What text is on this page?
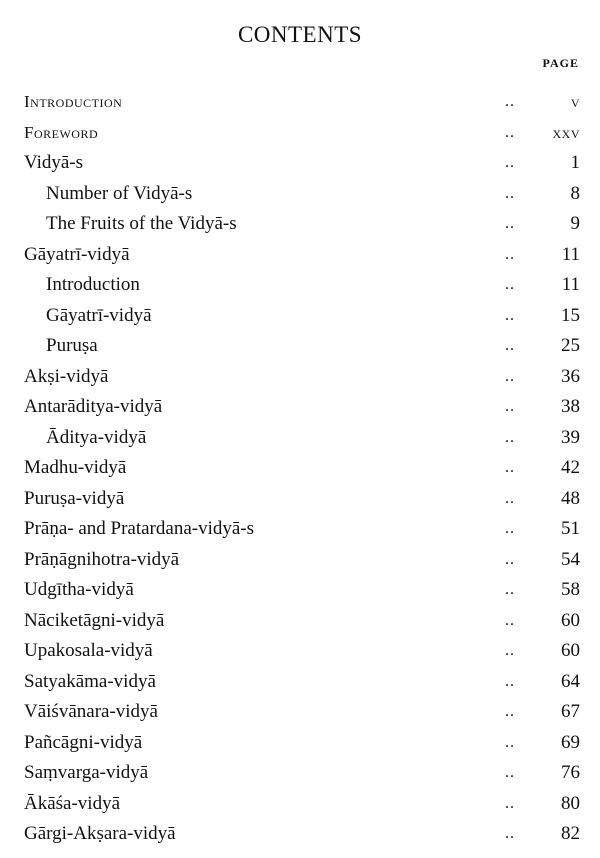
CONTENTS
PAGE
Introduction	..	v
Foreword	.. xxv
Vidyā-s	..	1
Number of Vidyā-s	..	8
The Fruits of the Vidyā-s	..	9
Gāyatrī-vidyā	.. 11
Introduction	.. 11
Gāyatrī-vidyā	.. 15
Puruṣa	.. 25
Akṣi-vidyā	.. 36
Antarāditya-vidyā	.. 38
Āditya-vidyā	.. 39
Madhu-vidyā	.. 42
Puruṣa-vidyā	.. 48
Prāṇa- and Pratardana-vidyā-s	.. 51
Prāṇāgnihotra-vidyā	.. 54
Udgītha-vidyā	.. 58
Nāciketāgni-vidyā	.. 60
Upakosala-vidyā	.. 60
Satyakāma-vidyā	.. 64
Vāiśvānara-vidyā	.. 67
Pañcāgni-vidyā	.. 69
Saṃvarga-vidyā	.. 76
Ākāśa-vidyā	.. 80
Gārgi-Akṣara-vidyā	.. 82
